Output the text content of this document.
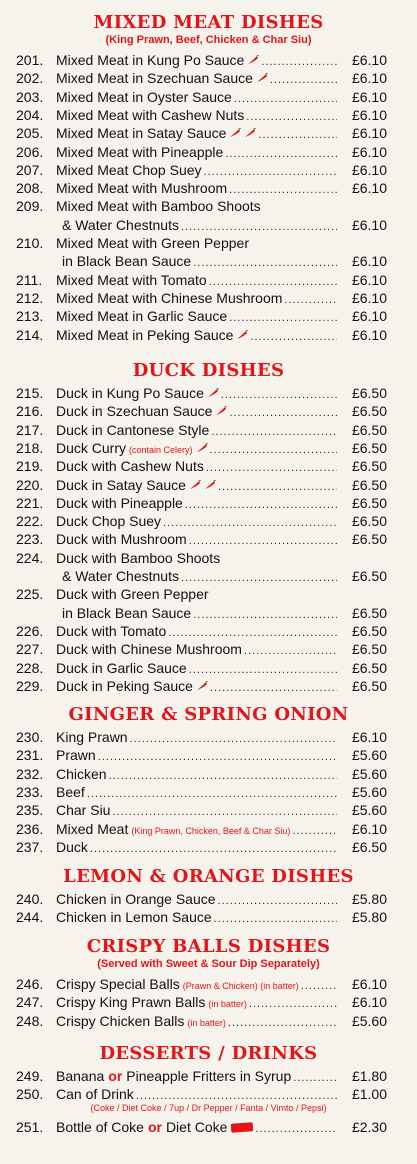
MIXED MEAT DISHES
(King Prawn, Beef, Chicken & Char Siu)
201. Mixed Meat in Kung Po Sauce .....	£6.10
202. Mixed Meat in Szechuan Sauce .....	£6.10
203. Mixed Meat in Oyster Sauce .....	£6.10
204. Mixed Meat with Cashew Nuts .....	£6.10
205. Mixed Meat in Satay Sauce .....	£6.10
206. Mixed Meat with Pineapple .....	£6.10
207. Mixed Meat Chop Suey .....	£6.10
208. Mixed Meat with Mushroom .....	£6.10
209. Mixed Meat with Bamboo Shoots
& Water Chestnuts .....	£6.10
210. Mixed Meat with Green Pepper
in Black Bean Sauce .....	£6.10
211. Mixed Meat with Tomato .....	£6.10
212. Mixed Meat with Chinese Mushroom .....	£6.10
213. Mixed Meat in Garlic Sauce .....	£6.10
214. Mixed Meat in Peking Sauce .....	£6.10
DUCK DISHES
215. Duck in Kung Po Sauce .....	£6.50
216. Duck in Szechuan Sauce .....	£6.50
217. Duck in Cantonese Style .....	£6.50
218. Duck Curry (contain Celery) .....	£6.50
219. Duck with Cashew Nuts .....	£6.50
220. Duck in Satay Sauce .....	£6.50
221. Duck with Pineapple .....	£6.50
222. Duck Chop Suey .....	£6.50
223. Duck with Mushroom .....	£6.50
224. Duck with Bamboo Shoots
& Water Chestnuts .....	£6.50
225. Duck with Green Pepper
in Black Bean Sauce .....	£6.50
226. Duck with Tomato .....	£6.50
227. Duck with Chinese Mushroom .....	£6.50
228. Duck in Garlic Sauce .....	£6.50
229. Duck in Peking Sauce .....	£6.50
GINGER & SPRING ONION
230. King Prawn .....	£6.10
231. Prawn .....	£5.60
232. Chicken .....	£5.60
233. Beef .....	£5.60
235. Char Siu .....	£5.60
236. Mixed Meat (King Prawn, Chicken, Beef & Char Siu) .....	£6.10
237. Duck .....	£6.50
LEMON & ORANGE DISHES
240. Chicken in Orange Sauce .....	£5.80
244. Chicken in Lemon Sauce .....	£5.80
CRISPY BALLS DISHES
(Served with Sweet & Sour Dip Separately)
246. Crispy Special Balls (Prawn & Chicken) (in batter) .....	£6.10
247. Crispy King Prawn Balls (in batter) .....	£6.10
248. Crispy Chicken Balls (in batter) .....	£5.60
DESSERTS / DRINKS
249. Banana or Pineapple Fritters in Syrup .....	£1.80
250. Can of Drink .....	£1.00
(Coke / Diet Coke / 7up / Dr Pepper / Fanta / Vimto / Pepsi)
251. Bottle of Coke or Diet Coke .....	£2.30
